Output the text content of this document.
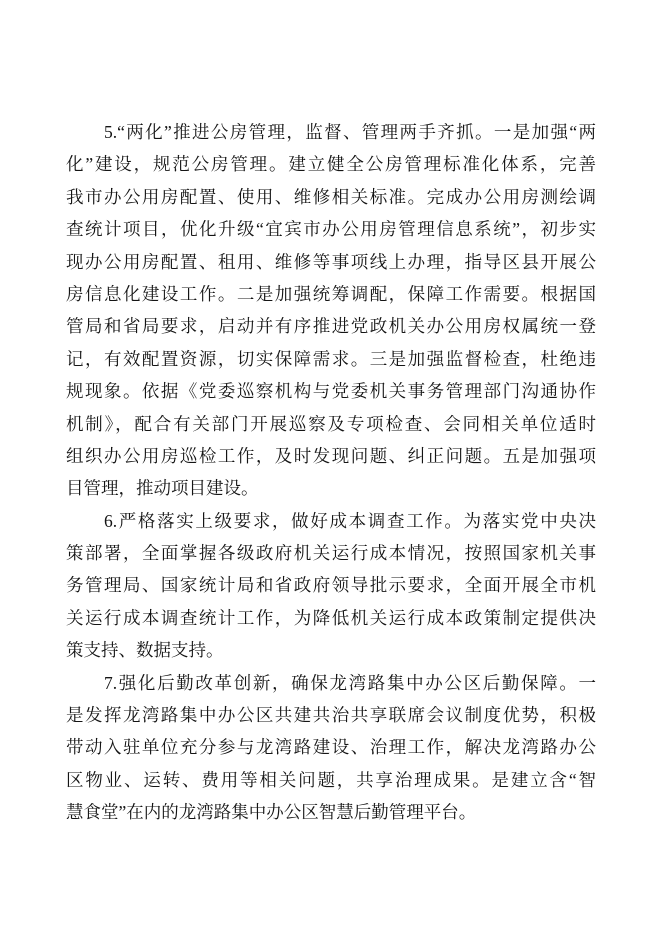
5.“两化”推进公房管理，监督、管理两手齐抓。一是加强“两
化”建设，规范公房管理。建立健全公房管理标准化体系，完善
我市办公用房配置、使用、维修相关标准。完成办公用房测绘调
查统计项目，优化升级“宜宾市办公用房管理信息系统”，初步实
现办公用房配置、租用、维修等事项线上办理，指导区县开展公
房信息化建设工作。二是加强统筹调配，保障工作需要。根据国
管局和省局要求，启动并有序推进党政机关办公用房权属统一登
记，有效配置资源，切实保障需求。三是加强监督检查，杜绝违
规现象。依据《党委巡察机构与党委机关事务管理部门沟通协作
机制》，配合有关部门开展巡察及专项检查、会同相关单位适时
组织办公用房巡检工作，及时发现问题、纠正问题。五是加强项
目管理，推动项目建设。
6.严格落实上级要求，做好成本调查工作。为落实党中央决
策部署，全面掌握各级政府机关运行成本情况，按照国家机关事
务管理局、国家统计局和省政府领导批示要求，全面开展全市机
关运行成本调查统计工作，为降低机关运行成本政策制定提供决
策支持、数据支持。
7.强化后勤改革创新，确保龙湾路集中办公区后勤保障。一
是发挥龙湾路集中办公区共建共治共享联席会议制度优势，积极
带动入驻单位充分参与龙湾路建设、治理工作，解决龙湾路办公
区物业、运转、费用等相关问题，共享治理成果。是建立含“智
慧食堂”在内的龙湾路集中办公区智慧后勤管理平台。
